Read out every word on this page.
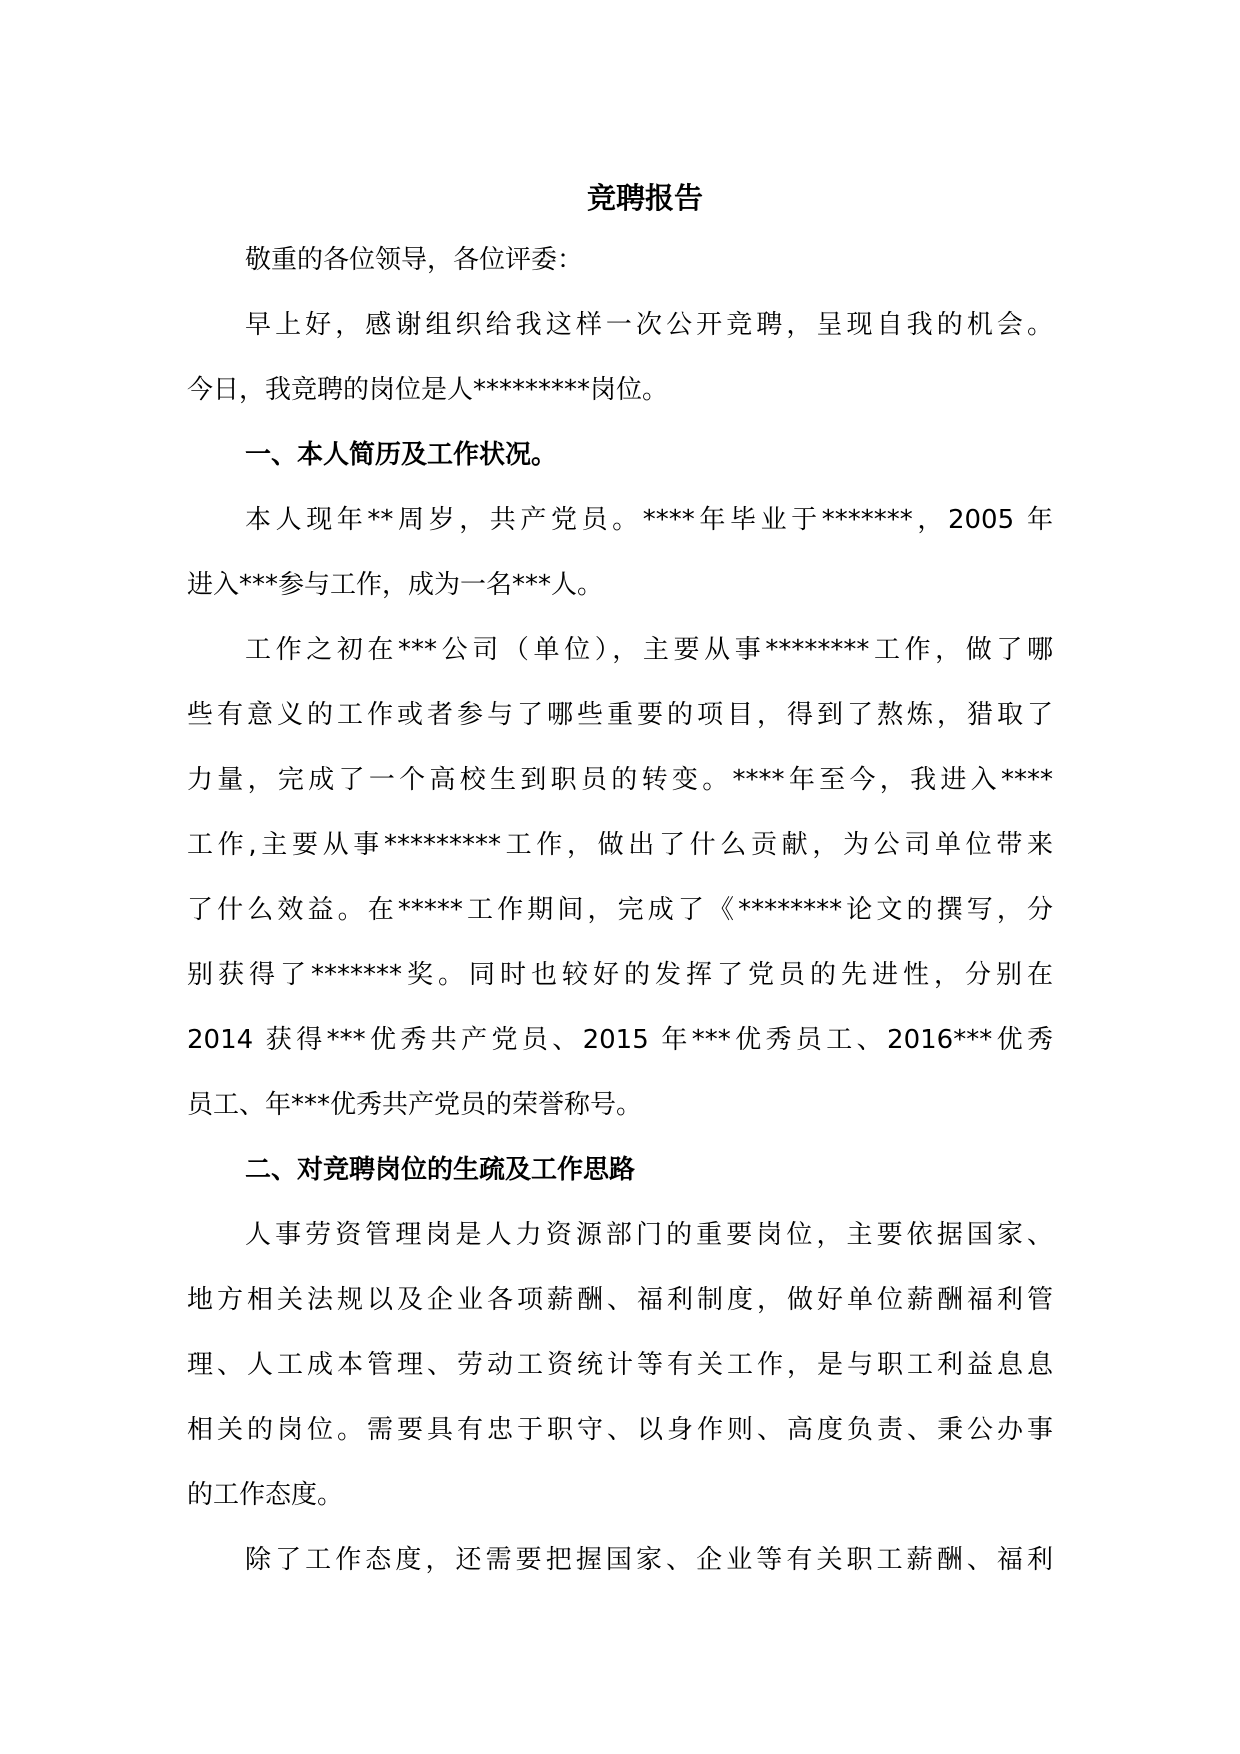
竞聘报告

敬重的各位领导，各位评委：

早上好，感谢组织给我这样一次公开竞聘，呈现自我的机会。
今日，我竞聘的岗位是人*********岗位。

一、本人简历及工作状况。

本人现年**周岁，共产党员。****年毕业于*******，2005 年
进入***参与工作，成为一名***人。

工作之初在***公司（单位），主要从事********工作，做了哪
些有意义的工作或者参与了哪些重要的项目，得到了熬炼，猎取了
力量，完成了一个高校生到职员的转变。****年至今，我进入****
工作,主要从事*********工作，做出了什么贡献，为公司单位带来
了什么效益。在*****工作期间，完成了《********论文的撰写，分
别获得了*******奖。同时也较好的发挥了党员的先进性，分别在
2014 获得***优秀共产党员、2015 年***优秀员工、2016***优秀
员工、年***优秀共产党员的荣誉称号。

二、对竞聘岗位的生疏及工作思路

人事劳资管理岗是人力资源部门的重要岗位，主要依据国家、
地方相关法规以及企业各项薪酬、福利制度，做好单位薪酬福利管
理、人工成本管理、劳动工资统计等有关工作，是与职工利益息息
相关的岗位。需要具有忠于职守、以身作则、高度负责、秉公办事
的工作态度。

除了工作态度，还需要把握国家、企业等有关职工薪酬、福利
